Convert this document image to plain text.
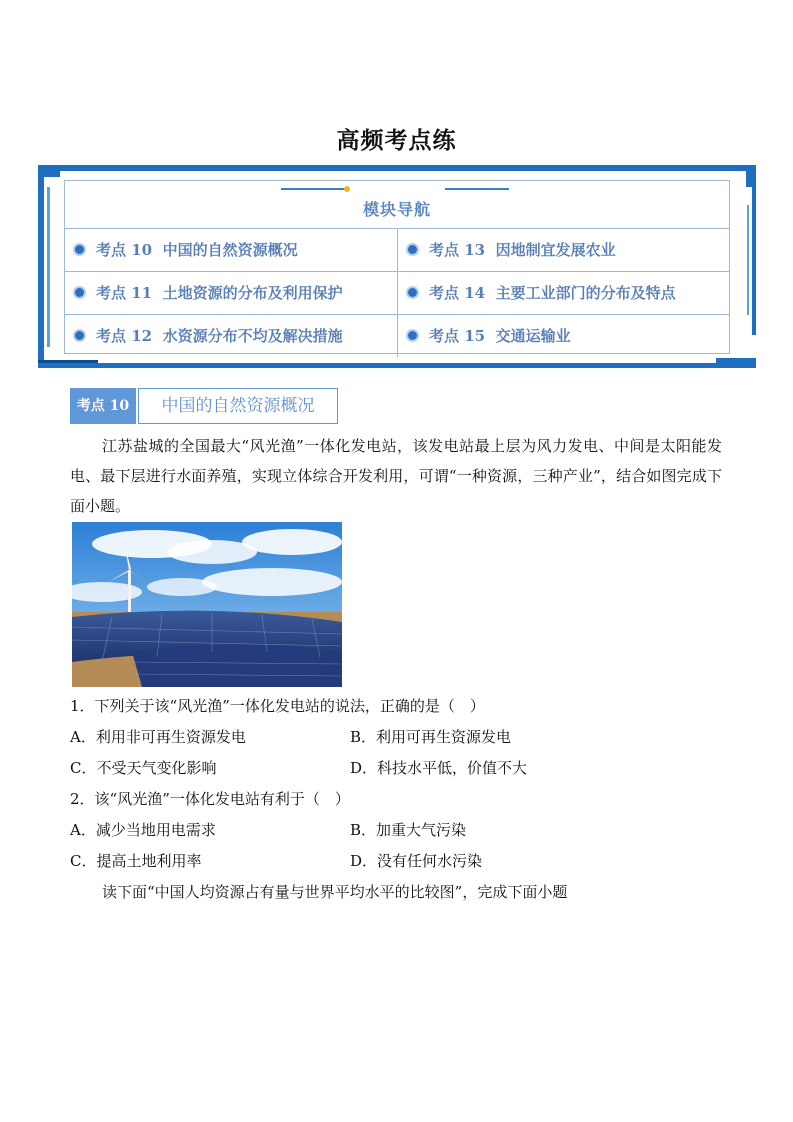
高频考点练
模块导航
考点 10 中国的自然资源概况	考点 13 因地制宜发展农业
考点 11 土地资源的分布及利用保护	考点 14 主要工业部门的分布及特点
考点 12 水资源分布不均及解决措施	考点 15 交通运输业
考点 10	中国的自然资源概况
江苏盐城的全国最大“风光渔”一体化发电站，该发电站最上层为风力发电、中间是太阳能发电、最下层进行水面养殖，实现立体综合开发利用，可谓“一种资源，三种产业”，结合如图完成下面小题。
1．下列关于该“风光渔”一体化发电站的说法，正确的是（　）
A．利用非可再生资源发电	B．利用可再生资源发电
C．不受天气变化影响	D．科技水平低，价值不大
2．该“风光渔”一体化发电站有利于（　）
A．减少当地用电需求	B．加重大气污染
C．提高土地利用率	D．没有任何水污染
读下面“中国人均资源占有量与世界平均水平的比较图”，完成下面小题
